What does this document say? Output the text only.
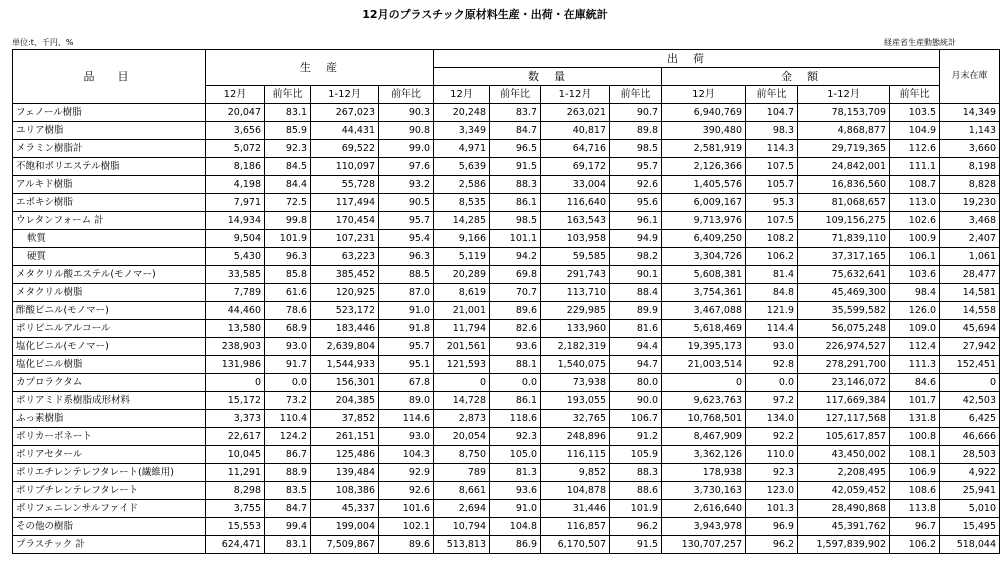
12月のプラスチック原材料生産・出荷・在庫統計
単位:t、千円、%	経産省生産動態統計
品　目	生　産				出　荷								月末在庫
					数　量				金　額				
	12月	前年比	1-12月	前年比	12月	前年比	1-12月	前年比	12月	前年比	1-12月	前年比	
フェノール樹脂	20,047	83.1	267,023	90.3	20,248	83.7	263,021	90.7	6,940,769	104.7	78,153,709	103.5	14,349
ユリア樹脂	3,656	85.9	44,431	90.8	3,349	84.7	40,817	89.8	390,480	98.3	4,868,877	104.9	1,143
メラミン樹脂計	5,072	92.3	69,522	99.0	4,971	96.5	64,716	98.5	2,581,919	114.3	29,719,365	112.6	3,660
不飽和ポリエステル樹脂	8,186	84.5	110,097	97.6	5,639	91.5	69,172	95.7	2,126,366	107.5	24,842,001	111.1	8,198
アルキド樹脂	4,198	84.4	55,728	93.2	2,586	88.3	33,004	92.6	1,405,576	105.7	16,836,560	108.7	8,828
エポキシ樹脂	7,971	72.5	117,494	90.5	8,535	86.1	116,640	95.6	6,009,167	95.3	81,068,657	113.0	19,230
ウレタンフォーム 計	14,934	99.8	170,454	95.7	14,285	98.5	163,543	96.1	9,713,976	107.5	109,156,275	102.6	3,468
軟質	9,504	101.9	107,231	95.4	9,166	101.1	103,958	94.9	6,409,250	108.2	71,839,110	100.9	2,407
硬質	5,430	96.3	63,223	96.3	5,119	94.2	59,585	98.2	3,304,726	106.2	37,317,165	106.1	1,061
メタクリル酸エステル(モノマー)	33,585	85.8	385,452	88.5	20,289	69.8	291,743	90.1	5,608,381	81.4	75,632,641	103.6	28,477
メタクリル樹脂	7,789	61.6	120,925	87.0	8,619	70.7	113,710	88.4	3,754,361	84.8	45,469,300	98.4	14,581
酢酸ビニル(モノマー)	44,460	78.6	523,172	91.0	21,001	89.6	229,985	89.9	3,467,088	121.9	35,599,582	126.0	14,558
ポリビニルアルコール	13,580	68.9	183,446	91.8	11,794	82.6	133,960	81.6	5,618,469	114.4	56,075,248	109.0	45,694
塩化ビニル(モノマー)	238,903	93.0	2,639,804	95.7	201,561	93.6	2,182,319	94.4	19,395,173	93.0	226,974,527	112.4	27,942
塩化ビニル樹脂	131,986	91.7	1,544,933	95.1	121,593	88.1	1,540,075	94.7	21,003,514	92.8	278,291,700	111.3	152,451
カプロラクタム	0	0.0	156,301	67.8	0	0.0	73,938	80.0	0	0.0	23,146,072	84.6	0
ポリアミド系樹脂成形材料	15,172	73.2	204,385	89.0	14,728	86.1	193,055	90.0	9,623,763	97.2	117,669,384	101.7	42,503
ふっ素樹脂	3,373	110.4	37,852	114.6	2,873	118.6	32,765	106.7	10,768,501	134.0	127,117,568	131.8	6,425
ポリカーボネート	22,617	124.2	261,151	93.0	20,054	92.3	248,896	91.2	8,467,909	92.2	105,617,857	100.8	46,666
ポリアセタール	10,045	86.7	125,486	104.3	8,750	105.0	116,115	105.9	3,362,126	110.0	43,450,002	108.1	28,503
ポリエチレンテレフタレート(繊維用)	11,291	88.9	139,484	92.9	789	81.3	9,852	88.3	178,938	92.3	2,208,495	106.9	4,922
ポリブチレンテレフタレート	8,298	83.5	108,386	92.6	8,661	93.6	104,878	88.6	3,730,163	123.0	42,059,452	108.6	25,941
ポリフェニレンサルファイド	3,755	84.7	45,337	101.6	2,694	91.0	31,446	101.9	2,616,640	101.3	28,490,868	113.8	5,010
その他の樹脂	15,553	99.4	199,004	102.1	10,794	104.8	116,857	96.2	3,943,978	96.9	45,391,762	96.7	15,495
プラスチック 計	624,471	83.1	7,509,867	89.6	513,813	86.9	6,170,507	91.5	130,707,257	96.2	1,597,839,902	106.2	518,044
